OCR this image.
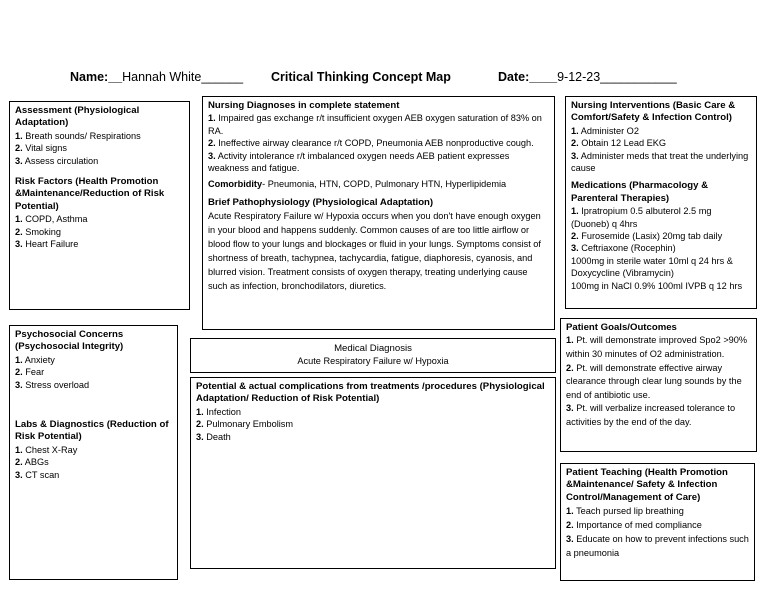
Name:__Hannah White______ Critical Thinking Concept Map	Date:____9-12-23___________
Assessment (Physiological Adaptation)
1 . Breath sounds/ Respirations
2 . Vital signs
3 . Assess circulation
Risk Factors (Health Promotion &Maintenance/Reduction of Risk Potential)
1 . COPD, Asthma
2 . Smoking
3 . Heart Failure
Nursing Diagnoses in complete statement
1 . Impaired gas exchange r/t insufficient oxygen AEB oxygen saturation of 83% on RA.
2 . Ineffective airway clearance r/t COPD, Pneumonia AEB nonproductive cough.
3 . Activity intolerance r/t imbalanced oxygen needs AEB patient expresses weakness and fatigue.
Comorbidity- Pneumonia, HTN, COPD, Pulmonary HTN, Hyperlipidemia
Brief Pathophysiology (Physiological Adaptation)

Acute Respiratory Failure w/ Hypoxia occurs when you don't have enough oxygen in your blood and happens suddenly. Common causes of are too little airflow or blood flow to your lungs and blockages or fluid in your lungs. Symptoms consist of shortness of breath, tachypnea, tachycardia, fatigue, diaphoresis, cyanosis, and blurred vision. Treatment consists of oxygen therapy, treating underlying cause such as infection, bronchodilators, diuretics.

Nursing Interventions (Basic Care & Comfort/Safety & Infection Control)
1 . Administer O2
2 . Obtain 12 Lead EKG
3 . Administer meds that treat the underlying cause
Medications (Pharmacology & Parenteral Therapies)
1 . Ipratropium 0.5 albuterol 2.5 mg (Duoneb) q 4hrs
2 . Furosemide (Lasix) 20mg tab daily
3 . Ceftriaxone (Rocephin)
1000mg in sterile water 10ml q 24 hrs &
Doxycycline (Vibramycin)
100mg in NaCl 0.9% 100ml IVPB q 12 hrs
Psychosocial Concerns (Psychosocial Integrity)
1 . Anxiety
2 . Fear
3 . Stress overload
Labs & Diagnostics (Reduction of Risk Potential)
1 . Chest X-Ray
2 . ABGs
3 . CT scan
Medical Diagnosis
Acute Respiratory Failure w/ Hypoxia
Potential & actual complications from treatments /procedures (Physiological Adaptation/ Reduction of Risk Potential)
1 . Infection
2 . Pulmonary Embolism
3 . Death
Patient Goals/Outcomes
1 . Pt. will demonstrate improved Spo2 >90% within 30 minutes of O2 administration.
2 . Pt. will demonstrate effective airway clearance through clear lung sounds by the end of antibiotic use.
3 . Pt. will verbalize increased tolerance to activities by the end of the day.
Patient Teaching (Health Promotion &Maintenance/ Safety & Infection Control/Management of Care)
1 . Teach pursed lip breathing
2 . Importance of med compliance
3 . Educate on how to prevent infections such a pneumonia
